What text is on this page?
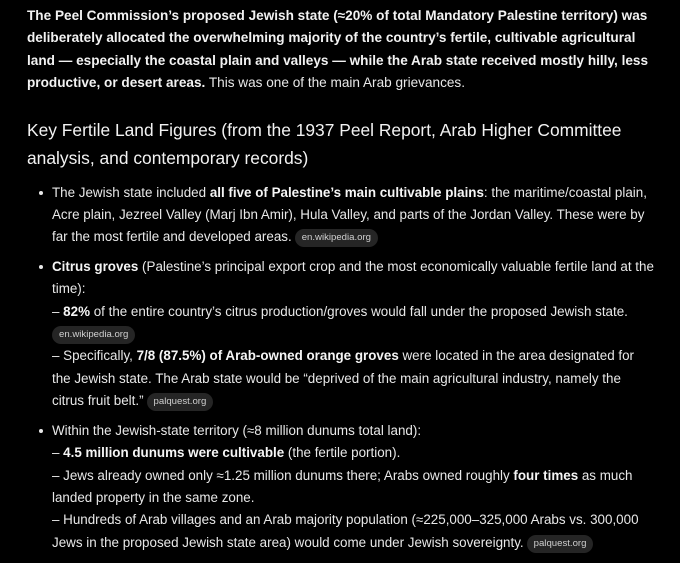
The Peel Commission’s proposed Jewish state (≈20% of total Mandatory Palestine territory) was deliberately allocated the overwhelming majority of the country’s fertile, cultivable agricultural land — especially the coastal plain and valleys — while the Arab state received mostly hilly, less productive, or desert areas. This was one of the main Arab grievances.

Key Fertile Land Figures (from the 1937 Peel Report, Arab Higher Committee analysis, and contemporary records)
The Jewish state included all five of Palestine’s main cultivable plains: the maritime/coastal plain, Acre plain, Jezreel Valley (Marj Ibn Amir), Hula Valley, and parts of the Jordan Valley. These were by far the most fertile and developed areas. en.wikipedia.org
Citrus groves (Palestine’s principal export crop and the most economically valuable fertile land at the time):
– 82% of the entire country’s citrus production/groves would fall under the proposed Jewish state.
en.wikipedia.org
– Specifically, 7/8 (87.5%) of Arab-owned orange groves were located in the area designated for the Jewish state. The Arab state would be “deprived of the main agricultural industry, namely the citrus fruit belt.” palquest.org
Within the Jewish-state territory (≈8 million dunums total land):
– 4.5 million dunums were cultivable (the fertile portion).
– Jews already owned only ≈1.25 million dunums there; Arabs owned roughly four times as much landed property in the same zone.
– Hundreds of Arab villages and an Arab majority population (≈225,000–325,000 Arabs vs. 300,000 Jews in the proposed Jewish state area) would come under Jewish sovereignty. palquest.org
